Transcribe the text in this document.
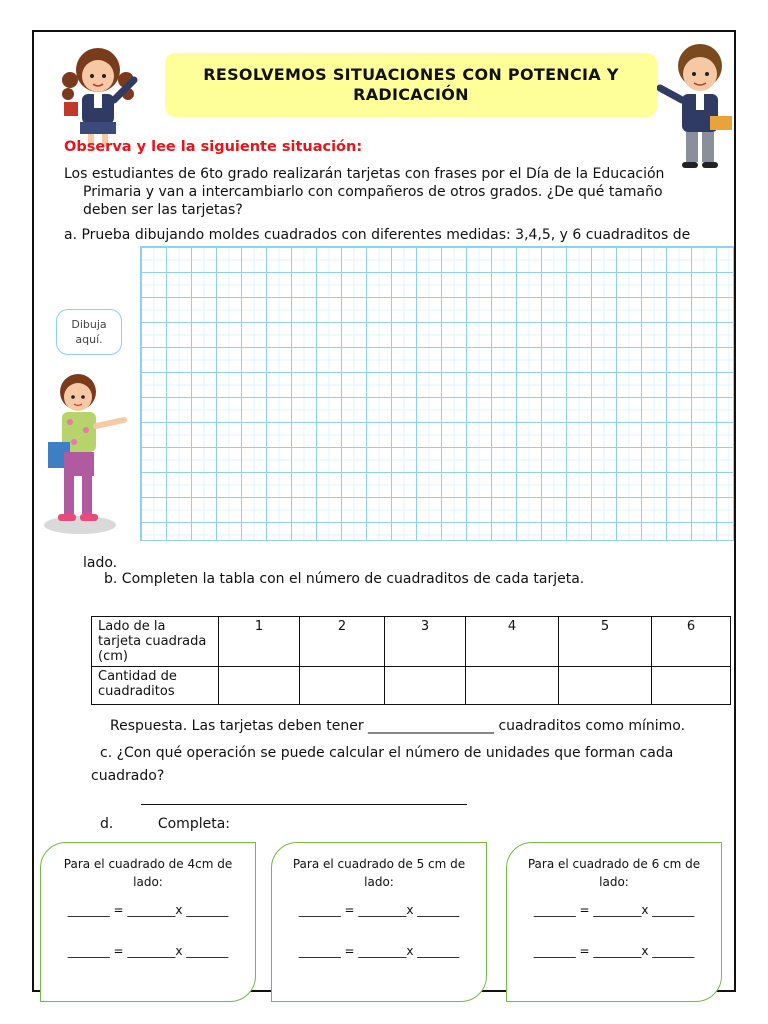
RESOLVEMOS SITUACIONES CON POTENCIA Y RADICACIÓN
Observa y lee la siguiente situación:
Los estudiantes de 6to grado realizarán tarjetas con frases por el Día de la Educación Primaria y van a intercambiarlo con compañeros de otros grados. ¿De qué tamaño deben ser las tarjetas?
a. Prueba dibujando moldes cuadrados con diferentes medidas: 3,4,5, y 6 cuadraditos de
Dibuja aquí.
lado.
b. Completen la tabla con el número de cuadraditos de cada tarjeta.
Lado de la tarjeta cuadrada (cm)	1	2	3	4	5	6
Cantidad de cuadraditos						
Respuesta. Las tarjetas deben tener __________________ cuadraditos como mínimo.
c. ¿Con qué operación se puede calcular el número de unidades que forman cada
cuadrado?
d.          Completa:
Para el cuadrado de 4cm de lado:
_______ = ________x _______
_______ = ________x _______
Para el cuadrado de 5 cm de lado:
_______ = ________x _______
_______ = ________x _______
Para el cuadrado de 6 cm de lado:
_______ = ________x _______
_______ = ________x _______
